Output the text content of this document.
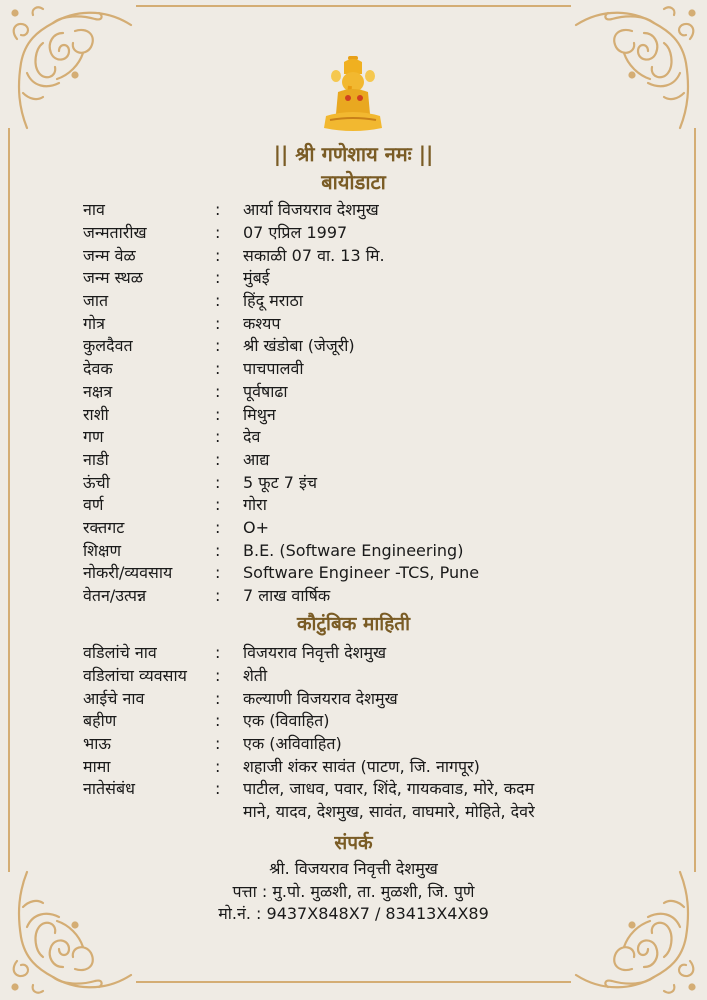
|| श्री गणेशाय नमः ||
बायोडाटा
नाव	:	आर्या विजयराव देशमुख
जन्मतारीख	:	07 एप्रिल 1997
जन्म वेळ	:	सकाळी 07 वा. 13 मि.
जन्म स्थळ	:	मुंबई
जात	:	हिंदू मराठा
गोत्र	:	कश्यप
कुलदैवत	:	श्री खंडोबा (जेजूरी)
देवक	:	पाचपालवी
नक्षत्र	:	पूर्वषाढा
राशी	:	मिथुन
गण	:	देव
नाडी	:	आद्य
ऊंची	:	5 फूट 7 इंच
वर्ण	:	गोरा
रक्तगट	:	O+
शिक्षण	:	B.E. (Software Engineering)
नोकरी/व्यवसाय	:	Software Engineer -TCS, Pune
वेतन/उत्पन्न	:	7 लाख वार्षिक
कौटुंबिक माहिती
वडिलांचे नाव	:	विजयराव निवृत्ती देशमुख
वडिलांचा व्यवसाय	:	शेती
आईचे नाव	:	कल्याणी विजयराव देशमुख
बहीण	:	एक (विवाहित)
भाऊ	:	एक (अविवाहित)
मामा	:	शहाजी शंकर सावंत (पाटण, जि. नागपूर)
नातेसंबंध	:	पाटील, जाधव, पवार, शिंदे, गायकवाड, मोरे, कदम
माने, यादव, देशमुख, सावंत, वाघमारे, मोहिते, देवरे
संपर्क
श्री. विजयराव निवृत्ती देशमुख
पत्ता : मु.पो. मुळशी, ता. मुळशी, जि. पुणे
मो.नं. : 9437X848X7 / 83413X4X89
